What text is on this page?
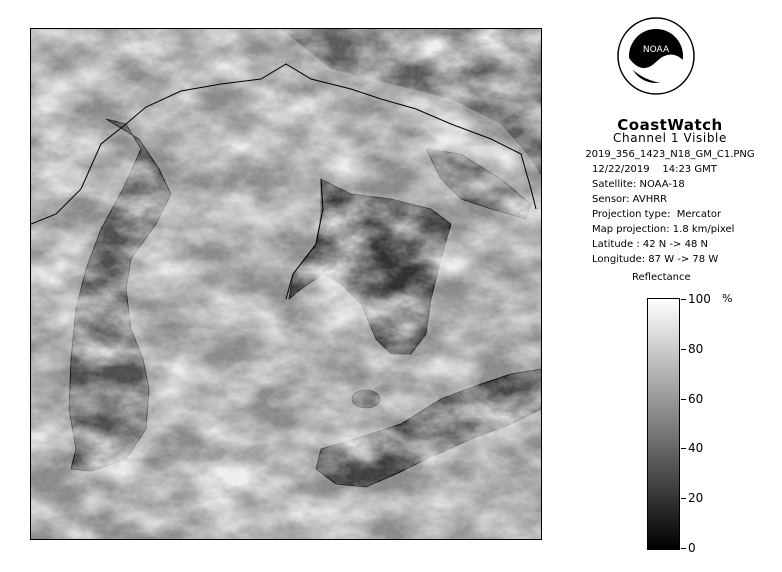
NOAA
CoastWatch
Channel 1 Visible
2019_356_1423_N18_GM_C1.PNG
12/22/2019    14:23 GMT
Satellite: NOAA-18
Sensor: AVHRR
Projection type:  Mercator
Map projection: 1.8 km/pixel
Latitude : 42 N -> 48 N
Longitude: 87 W -> 78 W
Reflectance
%
100
80
60
40
20
0
